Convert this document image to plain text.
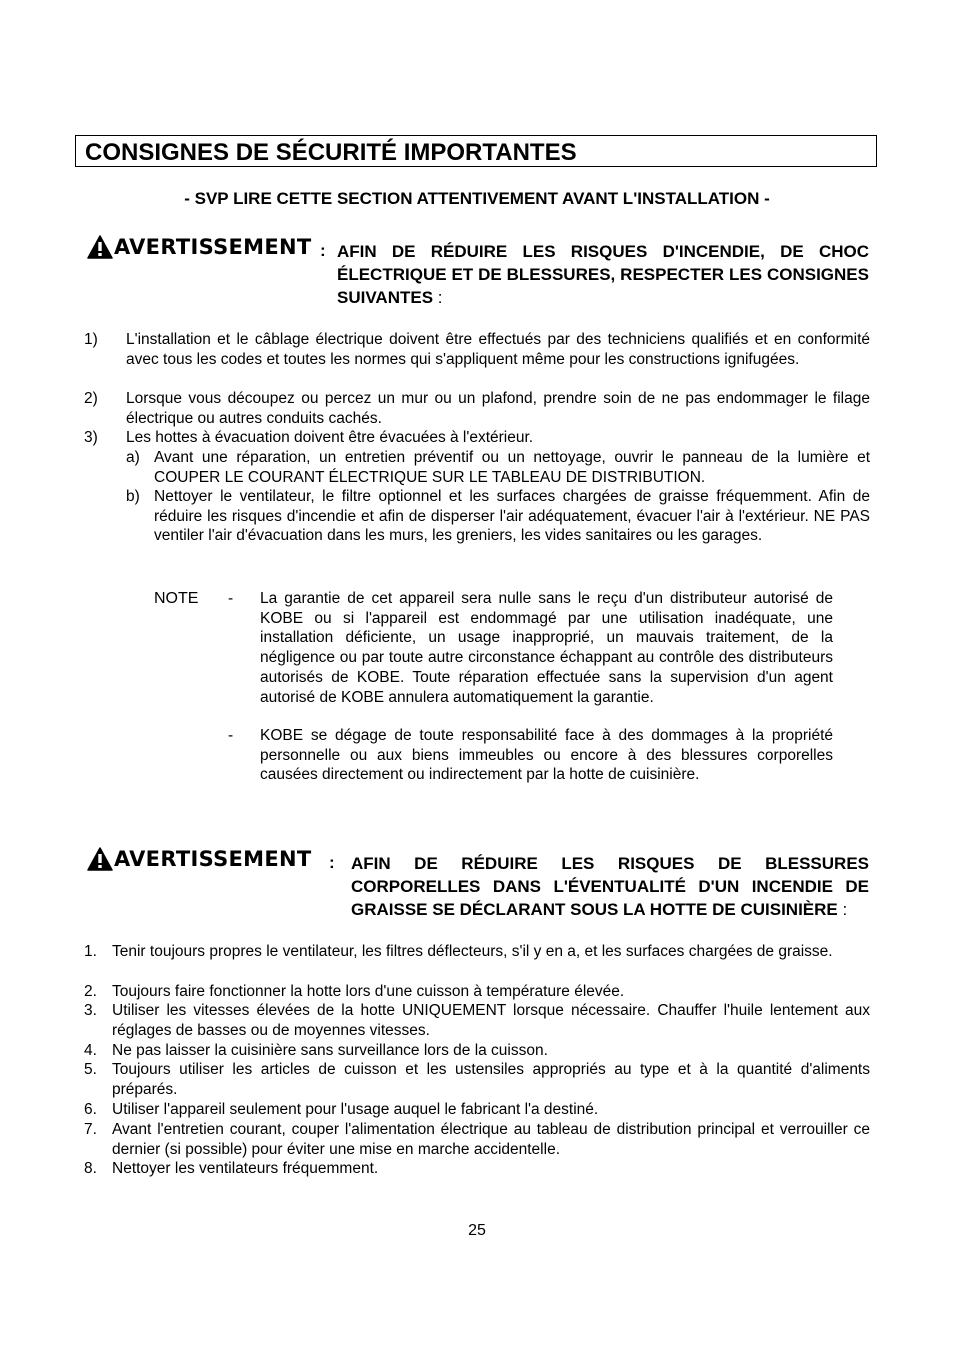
CONSIGNES DE SÉCURITÉ IMPORTANTES
- SVP LIRE CETTE SECTION ATTENTIVEMENT AVANT L'INSTALLATION -
AVERTISSEMENT : AFIN DE RÉDUIRE LES RISQUES D'INCENDIE, DE CHOC ÉLECTRIQUE ET DE BLESSURES, RESPECTER LES CONSIGNES SUIVANTES :
1) L'installation et le câblage électrique doivent être effectués par des techniciens qualifiés et en conformité avec tous les codes et toutes les normes qui s'appliquent même pour les constructions ignifugées.
2) Lorsque vous découpez ou percez un mur ou un plafond, prendre soin de ne pas endommager le filage électrique ou autres conduits cachés.
3) Les hottes à évacuation doivent être évacuées à l'extérieur.
a) Avant une réparation, un entretien préventif ou un nettoyage, ouvrir le panneau de la lumière et COUPER LE COURANT ÉLECTRIQUE SUR LE TABLEAU DE DISTRIBUTION.
b) Nettoyer le ventilateur, le filtre optionnel et les surfaces chargées de graisse fréquemment. Afin de réduire les risques d'incendie et afin de disperser l'air adéquatement, évacuer l'air à l'extérieur. NE PAS ventiler l'air d'évacuation dans les murs, les greniers, les vides sanitaires ou les garages.
NOTE - La garantie de cet appareil sera nulle sans le reçu d'un distributeur autorisé de KOBE ou si l'appareil est endommagé par une utilisation inadéquate, une installation déficiente, un usage inapproprié, un mauvais traitement, de la négligence ou par toute autre circonstance échappant au contrôle des distributeurs autorisés de KOBE. Toute réparation effectuée sans la supervision d'un agent autorisé de KOBE annulera automatiquement la garantie.
- KOBE se dégage de toute responsabilité face à des dommages à la propriété personnelle ou aux biens immeubles ou encore à des blessures corporelles causées directement ou indirectement par la hotte de cuisinière.
AVERTISSEMENT : AFIN DE RÉDUIRE LES RISQUES DE BLESSURES CORPORELLES DANS L'ÉVENTUALITÉ D'UN INCENDIE DE GRAISSE SE DÉCLARANT SOUS LA HOTTE DE CUISINIÈRE :
1. Tenir toujours propres le ventilateur, les filtres déflecteurs, s'il y en a, et les surfaces chargées de graisse.
2. Toujours faire fonctionner la hotte lors d'une cuisson à température élevée.
3. Utiliser les vitesses élevées de la hotte UNIQUEMENT lorsque nécessaire. Chauffer l'huile lentement aux réglages de basses ou de moyennes vitesses.
4. Ne pas laisser la cuisinière sans surveillance lors de la cuisson.
5. Toujours utiliser les articles de cuisson et les ustensiles appropriés au type et à la quantité d'aliments préparés.
6. Utiliser l'appareil seulement pour l'usage auquel le fabricant l'a destiné.
7. Avant l'entretien courant, couper l'alimentation électrique au tableau de distribution principal et verrouiller ce dernier (si possible) pour éviter une mise en marche accidentelle.
8. Nettoyer les ventilateurs fréquemment.
25
